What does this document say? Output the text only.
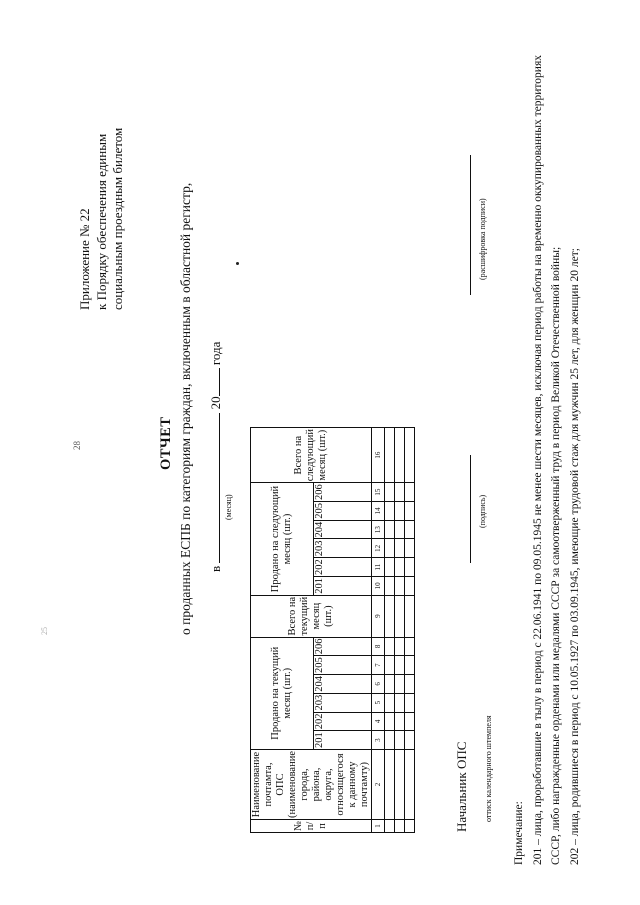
28
25
Приложение № 22 к Порядку обеспечения единым социальным проездным билетом
ОТЧЕТ о проданных ЕСПБ по категориям граждан, включенным в областной регистр, в  20 года
(месяц)
№ п/п	Наименование почтамта, ОПС (наименование города, района, округа, относящегося к данному почтамту)	Продано на текущий месяц (шт.)						Всего на текущий месяц (шт.)	Продано на следующий месяц (шт.)						Всего на следующий месяц (шт.)
		201	202	203	204	205	206		201	202	203	204	205	206	
1	2	3	4	5	6	7	8	9	10	11	12	13	14	15	16

Начальник ОПС оттиск календарного штемпеля
(подпись)
(расшифровка подписи)

Примечание: 201 – лица, проработавшие в тылу в период с 22.06.1941 по 09.05.1945 не менее шести месяцев, исключая период работы на временно оккупированных территориях СССР, либо награжденные орденами или медалями СССР за самоотверженный труд в период Великой Отечественной войны; 202 – лица, родившиеся в период с 10.05.1927 по 03.09.1945, имеющие трудовой стаж для мужчин 25 лет, для женщин 20 лет;
